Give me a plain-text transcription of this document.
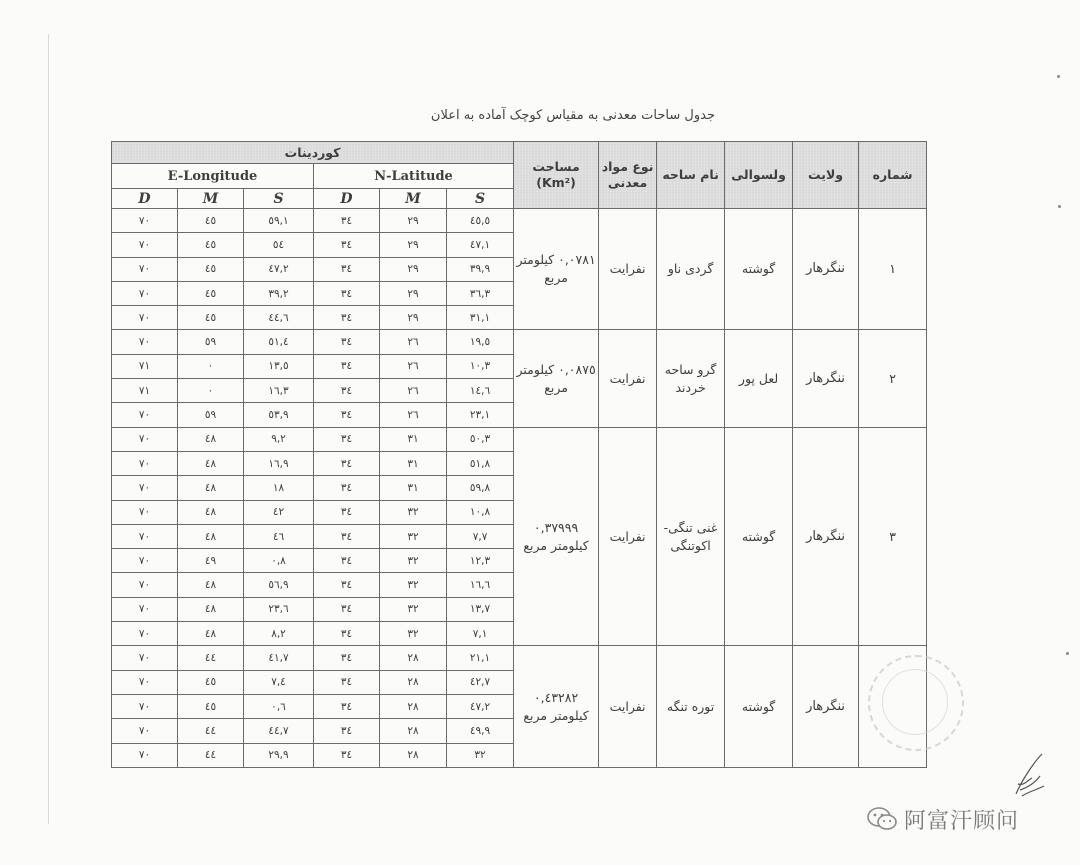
جدول ساحات معدنی به مقیاس کوچک آماده به اعلان
کوردینات						مساحت (Km²)	نوع مواد معدنی	نام ساحه	ولسوالی	ولایت	شماره
E-Longitude			N-Latitude								
D	M	S	D	M	S						
٧٠	٤٥	٥٩,١	٣٤	٢٩	٤٥,٥	٠,٠٧٨١ کیلومتر مربع	نفرایت	گردی ناو	گوشته	ننگرهار	١
٧٠	٤٥	٥٤	٣٤	٢٩	٤٧,١						
٧٠	٤٥	٤٧,٢	٣٤	٢٩	٣٩,٩						
٧٠	٤٥	٣٩,٢	٣٤	٢٩	٣٦,٣						
٧٠	٤٥	٤٤,٦	٣٤	٢٩	٣١,١						
٧٠	٥٩	٥١,٤	٣٤	٢٦	١٩,٥	٠,٠٨٧٥ کیلومتر مربع	نفرایت	گرو ساحه خردند	لعل پور	ننگرهار	٢
٧١	٠	١٣,٥	٣٤	٢٦	١٠,٣						
٧١	٠	١٦,٣	٣٤	٢٦	١٤,٦						
٧٠	٥٩	٥٣,٩	٣٤	٢٦	٢٣,١						
٧٠	٤٨	٩,٢	٣٤	٣١	٥٠,٣	٠,٣٧٩٩٩ کیلومتر مربع	نفرایت	غنی تنگی- اکوتنگی	گوشته	ننگرهار	٣
٧٠	٤٨	١٦,٩	٣٤	٣١	٥١,٨						
٧٠	٤٨	١٨	٣٤	٣١	٥٩,٨						
٧٠	٤٨	٤٢	٣٤	٣٢	١٠,٨						
٧٠	٤٨	٤٦	٣٤	٣٢	٧,٧						
٧٠	٤٩	٠,٨	٣٤	٣٢	١٢,٣						
٧٠	٤٨	٥٦,٩	٣٤	٣٢	١٦,٦						
٧٠	٤٨	٢٣,٦	٣٤	٣٢	١٣,٧						
٧٠	٤٨	٨,٢	٣٤	٣٢	٧,١						
٧٠	٤٤	٤١,٧	٣٤	٢٨	٢١,١	٠,٤٣٢٨٢ کیلومتر مربع	نفرایت	توره تنگه	گوشته	ننگرهار	
٧٠	٤٥	٧,٤	٣٤	٢٨	٤٢,٧						
٧٠	٤٥	٠,٦	٣٤	٢٨	٤٧,٢						
٧٠	٤٤	٤٤,٧	٣٤	٢٨	٤٩,٩						
٧٠	٤٤	٢٩,٩	٣٤	٢٨	٣٢						
阿富汗顾问
